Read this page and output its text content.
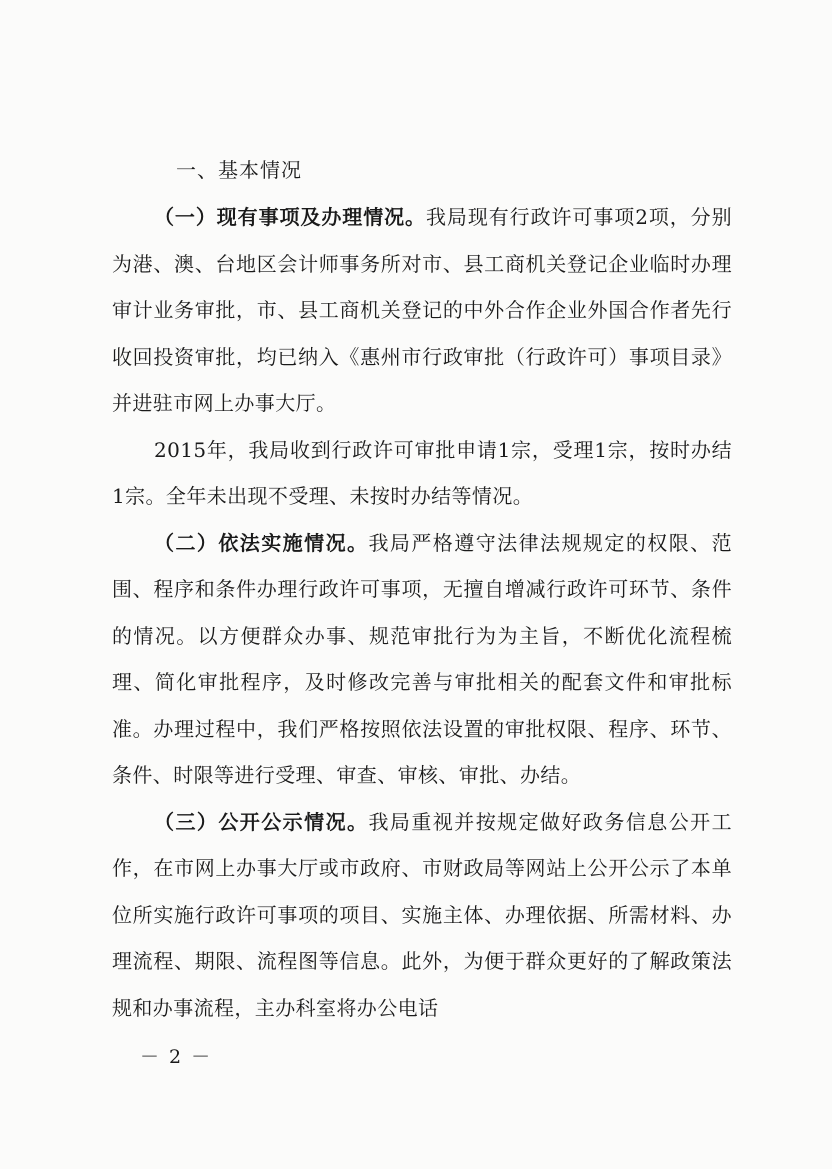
一、基本情况

（一）现有事项及办理情况。我局现有行政许可事项2项，分别为港、澳、台地区会计师事务所对市、县工商机关登记企业临时办理审计业务审批，市、县工商机关登记的中外合作企业外国合作者先行收回投资审批，均已纳入《惠州市行政审批（行政许可）事项目录》并进驻市网上办事大厅。

2015年，我局收到行政许可审批申请1宗，受理1宗，按时办结1宗。全年未出现不受理、未按时办结等情况。

（二）依法实施情况。我局严格遵守法律法规规定的权限、范围、程序和条件办理行政许可事项，无擅自增减行政许可环节、条件的情况。以方便群众办事、规范审批行为为主旨，不断优化流程梳理、简化审批程序，及时修改完善与审批相关的配套文件和审批标准。办理过程中，我们严格按照依法设置的审批权限、程序、环节、条件、时限等进行受理、审查、审核、审批、办结。

（三）公开公示情况。我局重视并按规定做好政务信息公开工作，在市网上办事大厅或市政府、市财政局等网站上公开公示了本单位所实施行政许可事项的项目、实施主体、办理依据、所需材料、办理流程、期限、流程图等信息。此外，为便于群众更好的了解政策法规和办事流程，主办科室将办公电话

－ 2 －
